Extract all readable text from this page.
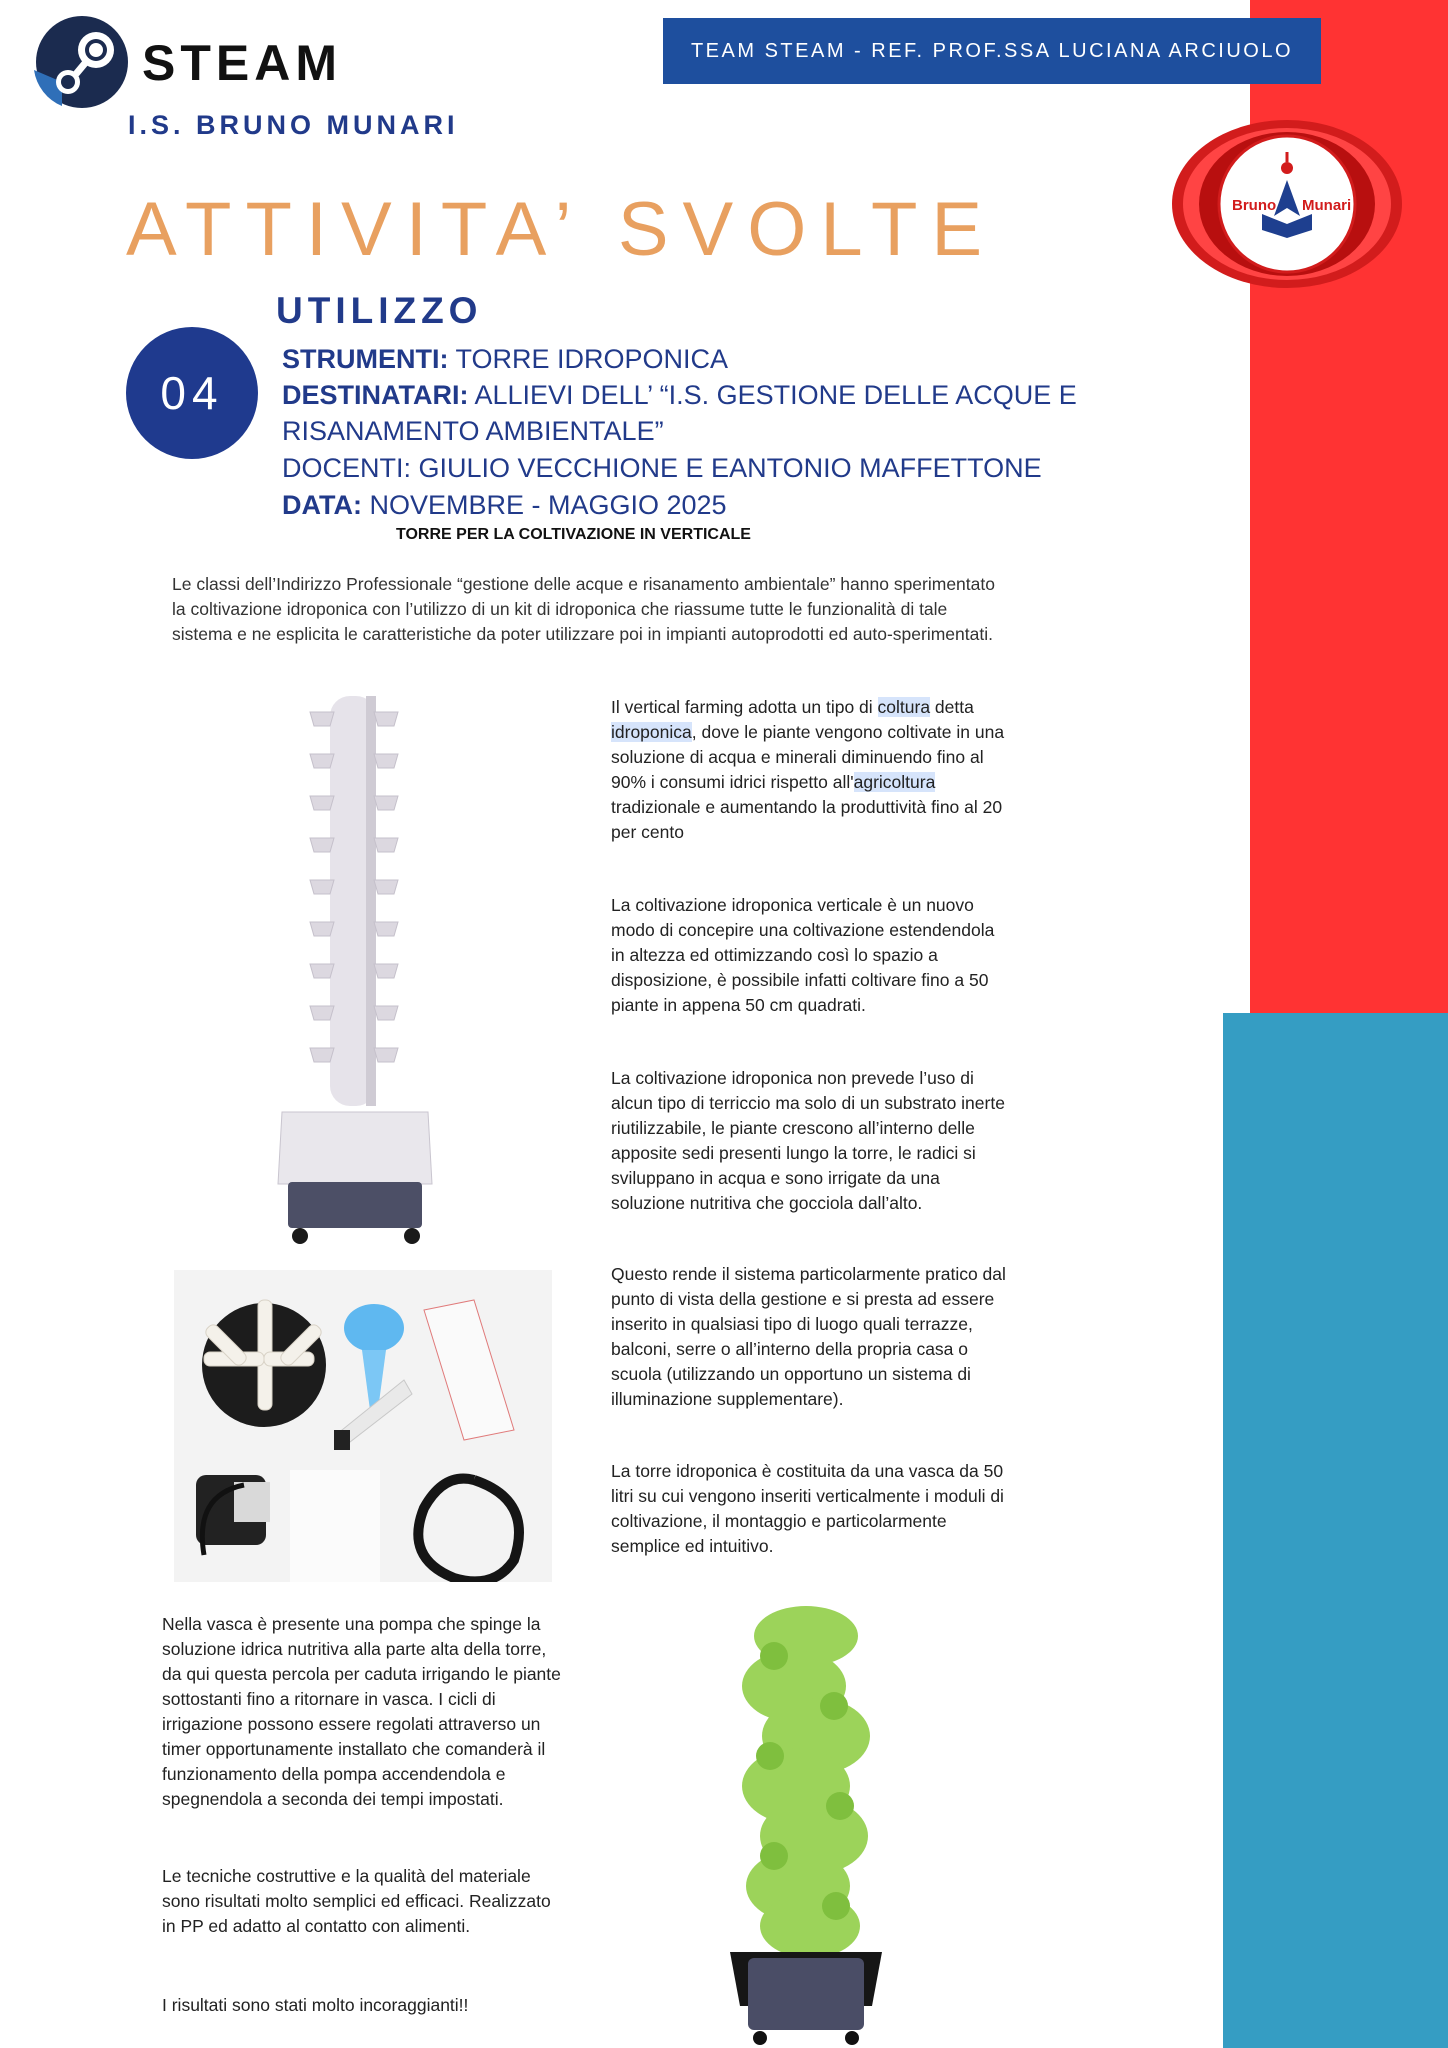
STEAM
I.S. BRUNO MUNARI
TEAM STEAM - REF. PROF.SSA LUCIANA ARCIUOLO
Bruno Munari
ATTIVITA’ SVOLTE
UTILIZZO
04
STRUMENTI: TORRE IDROPONICA
DESTINATARI: ALLIEVI DELL’ “I.S. GESTIONE DELLE ACQUE E
RISANAMENTO AMBIENTALE”
DOCENTI: GIULIO VECCHIONE E EANTONIO MAFFETTONE
DATA: NOVEMBRE - MAGGIO 2025
TORRE PER LA COLTIVAZIONE IN VERTICALE
Le classi dell’Indirizzo Professionale “gestione delle acque e risanamento ambientale” hanno sperimentato la coltivazione idroponica con l’utilizzo di un kit di idroponica che riassume tutte le funzionalità di tale sistema e ne esplicita le caratteristiche da poter utilizzare poi in impianti autoprodotti ed auto-sperimentati.
Il vertical farming adotta un tipo di coltura detta idroponica, dove le piante vengono coltivate in una soluzione di acqua e minerali diminuendo fino al 90% i consumi idrici rispetto all'agricoltura tradizionale e aumentando la produttività fino al 20 per cento
La coltivazione idroponica verticale è un nuovo modo di concepire una coltivazione estendendola in altezza ed ottimizzando così lo spazio a disposizione, è possibile infatti coltivare fino a 50 piante in appena 50 cm quadrati.
La coltivazione idroponica non prevede l’uso di alcun tipo di terriccio ma solo di un substrato inerte riutilizzabile, le piante crescono all’interno delle apposite sedi presenti lungo la torre, le radici si sviluppano in acqua e sono irrigate da una soluzione nutritiva che gocciola dall’alto.
Questo rende il sistema particolarmente pratico dal punto di vista della gestione e si presta ad essere inserito in qualsiasi tipo di luogo quali terrazze, balconi, serre o all’interno della propria casa o scuola (utilizzando un opportuno un sistema di illuminazione supplementare).
La torre idroponica è costituita da una vasca da 50 litri su cui vengono inseriti verticalmente i moduli di coltivazione, il montaggio e particolarmente semplice ed intuitivo.
Nella vasca è presente una pompa che spinge la soluzione idrica nutritiva alla parte alta della torre, da qui questa percola per caduta irrigando le piante sottostanti fino a ritornare in vasca. I cicli di irrigazione possono essere regolati attraverso un timer opportunamente installato che comanderà il funzionamento della pompa accendendola e spegnendola a seconda dei tempi impostati.
Le tecniche costruttive e la qualità del materiale sono risultati molto semplici ed efficaci. Realizzato in PP ed adatto al contatto con alimenti.
I risultati sono stati molto incoraggianti!!
